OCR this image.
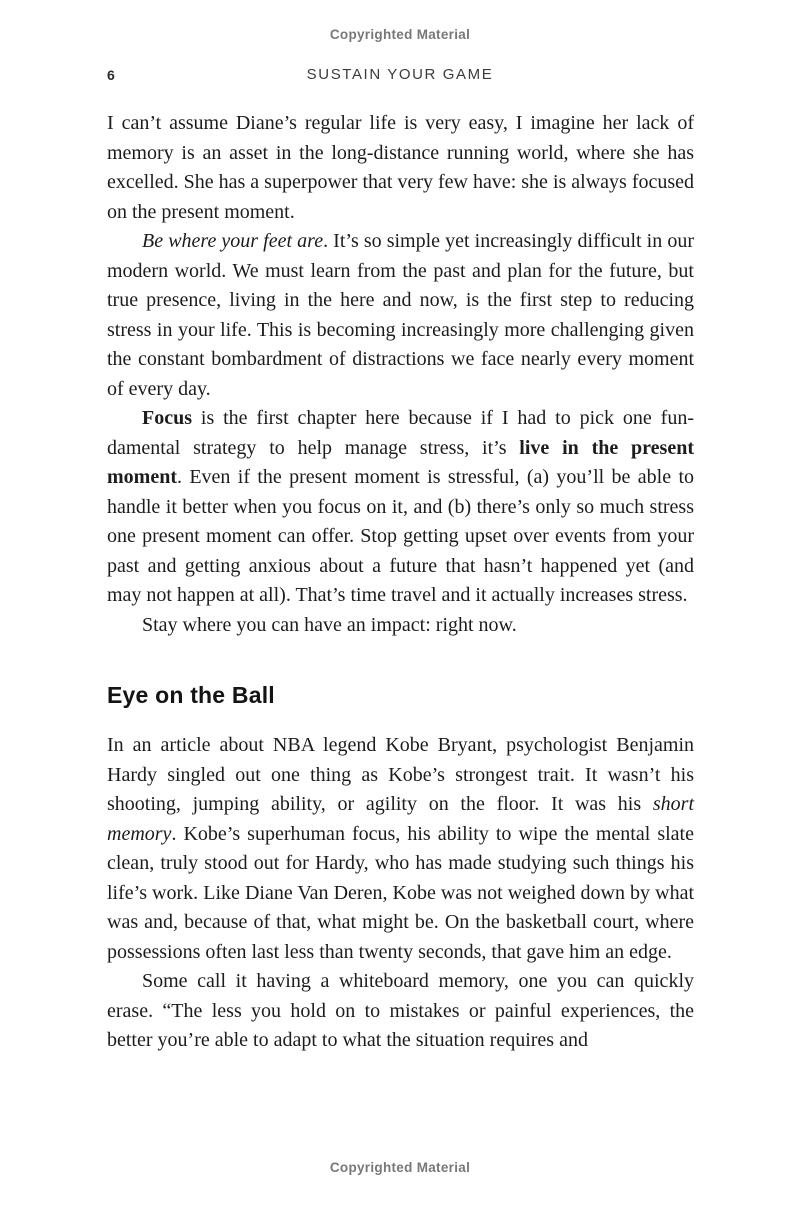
Copyrighted Material
6	SUSTAIN YOUR GAME

I can’t assume Diane’s regular life is very easy, I imagine her lack of memory is an asset in the long-distance running world, where she has excelled. She has a superpower that very few have: she is always focused on the present moment.

Be where your feet are. It’s so simple yet increasingly difficult in our modern world. We must learn from the past and plan for the future, but true presence, living in the here and now, is the first step to reducing stress in your life. This is becoming increasingly more challenging given the constant bombardment of distractions we face nearly every moment of every day.

Focus is the first chapter here because if I had to pick one fundamental strategy to help manage stress, it’s live in the present moment. Even if the present moment is stressful, (a) you’ll be able to handle it better when you focus on it, and (b) there’s only so much stress one present moment can offer. Stop getting upset over events from your past and getting anxious about a future that hasn’t happened yet (and may not happen at all). That’s time travel and it actually increases stress.

Stay where you can have an impact: right now.

Eye on the Ball

In an article about NBA legend Kobe Bryant, psychologist Benjamin Hardy singled out one thing as Kobe’s strongest trait. It wasn’t his shooting, jumping ability, or agility on the floor. It was his short memory. Kobe’s superhuman focus, his ability to wipe the mental slate clean, truly stood out for Hardy, who has made studying such things his life’s work. Like Diane Van Deren, Kobe was not weighed down by what was and, because of that, what might be. On the basketball court, where possessions often last less than twenty seconds, that gave him an edge.

Some call it having a whiteboard memory, one you can quickly erase. “The less you hold on to mistakes or painful experiences, the better you’re able to adapt to what the situation requires and

Copyrighted Material
